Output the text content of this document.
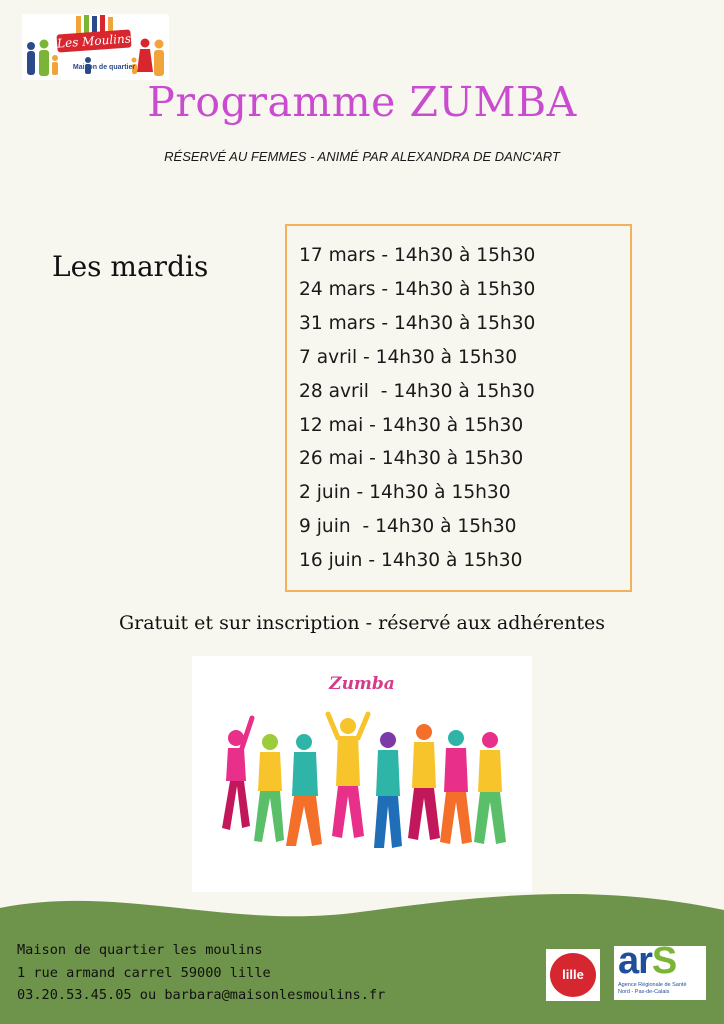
Les Moulins
Maison de quartier
Programme ZUMBA
RÉSERVÉ AU FEMMES - ANIMÉ PAR ALEXANDRA DE DANC'ART
Les mardis	17 mars - 14h30 à 15h30
24 mars - 14h30 à 15h30
31 mars - 14h30 à 15h30
7 avril - 14h30 à 15h30
28 avril  - 14h30 à 15h30
12 mai - 14h30 à 15h30
26 mai - 14h30 à 15h30
2 juin - 14h30 à 15h30
9 juin  - 14h30 à 15h30
16 juin - 14h30 à 15h30
Gratuit et sur inscription - réservé aux adhérentes
Zumba
Maison de quartier les moulins
1 rue armand carrel 59000 lille
03.20.53.45.05 ou barbara@maisonlesmoulins.fr
lille arS
Agence Régionale de Santé
Nord - Pas-de-Calais
